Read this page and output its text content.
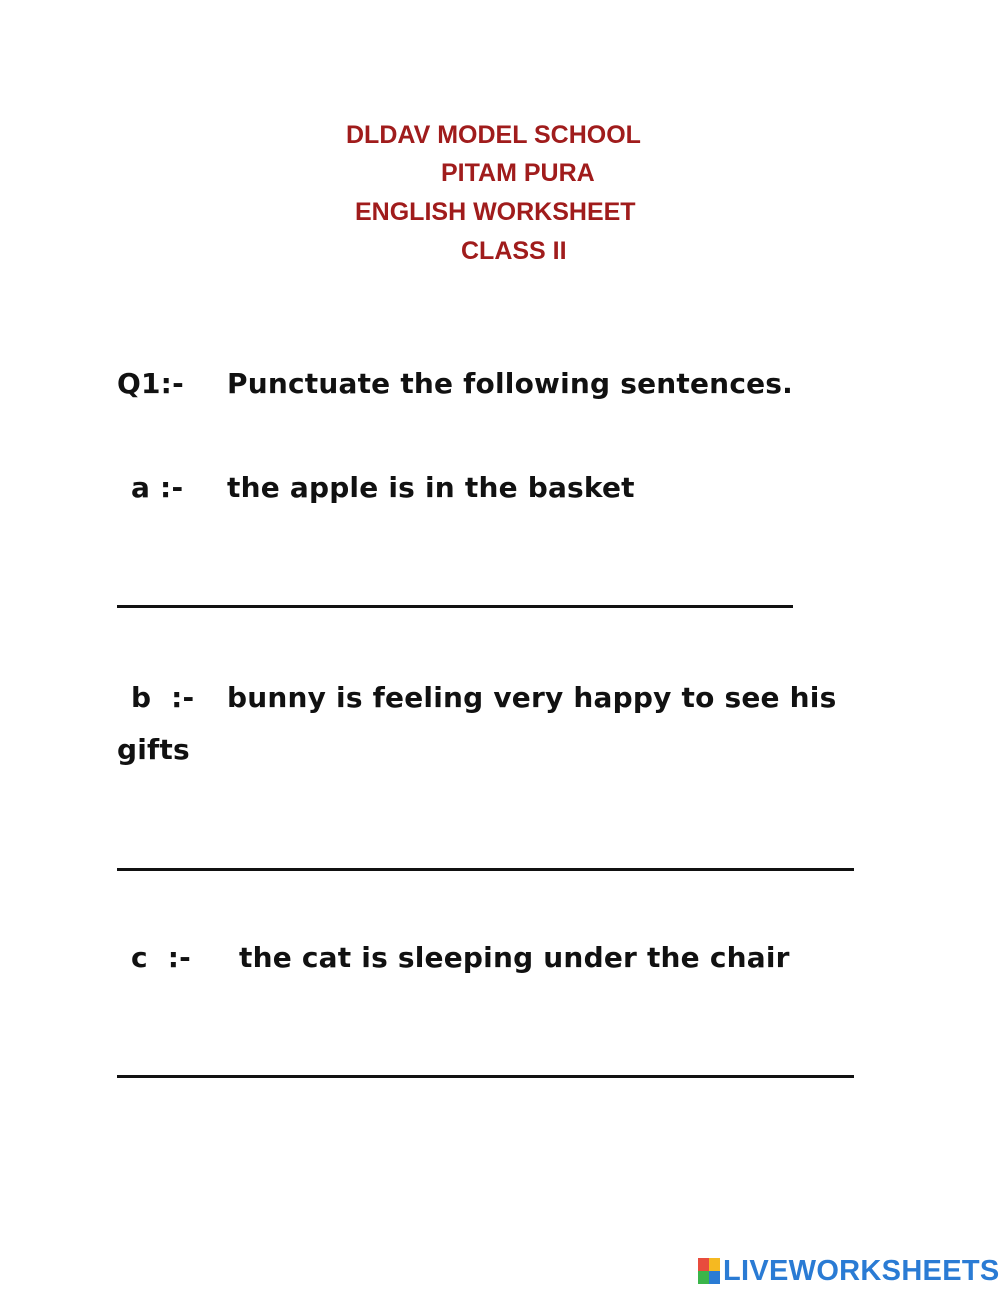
DLDAV MODEL SCHOOL
PITAM PURA
ENGLISH WORKSHEET
CLASS II
Q1:- Punctuate the following sentences.
a :- the apple is in the basket
b  :- bunny is feeling very happy to see his
gifts
c  :- the cat is sleeping under the chair
LIVEWORKSHEETS
